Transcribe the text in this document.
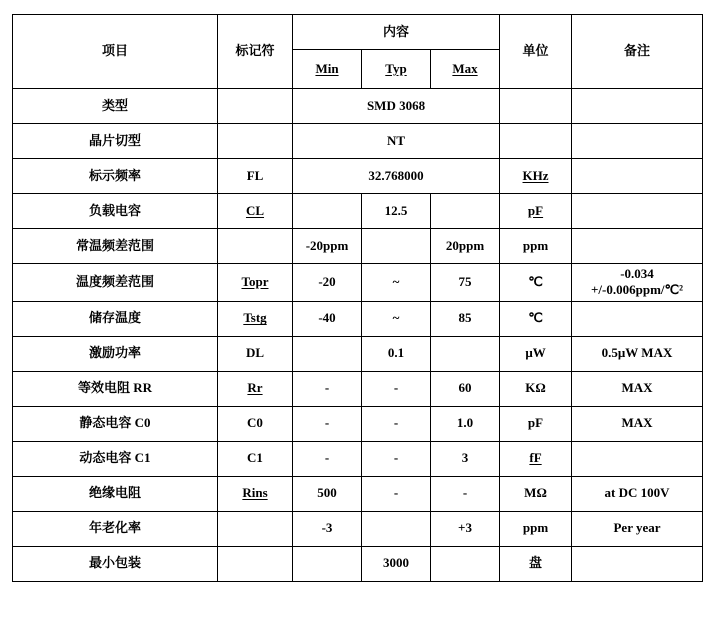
项目	标记符	内容			单位	备注
		Min	Typ	Max		
类型		SMD 3068				
晶片切型		NT				
标示频率	FL	32.768000			KHz	
负载电容	CL		12.5		pF	
常温频差范围		-20ppm		20ppm	ppm	
温度频差范围	Topr	-20	~	75	℃	-0.034
+/-0.006ppm/℃²

储存温度	Tstg	-40	~	85	℃	
激励功率	DL		0.1		μW	0.5μW MAX
等效电阻 RR	Rr	-	-	60	KΩ	MAX
静态电容 C0	C0	-	-	1.0	pF	MAX
动态电容 C1	C1	-	-	3	fF	
绝缘电阻	Rins	500	-	-	MΩ	at DC 100V
年老化率		-3		+3	ppm	Per year
最小包装			3000		盘	
